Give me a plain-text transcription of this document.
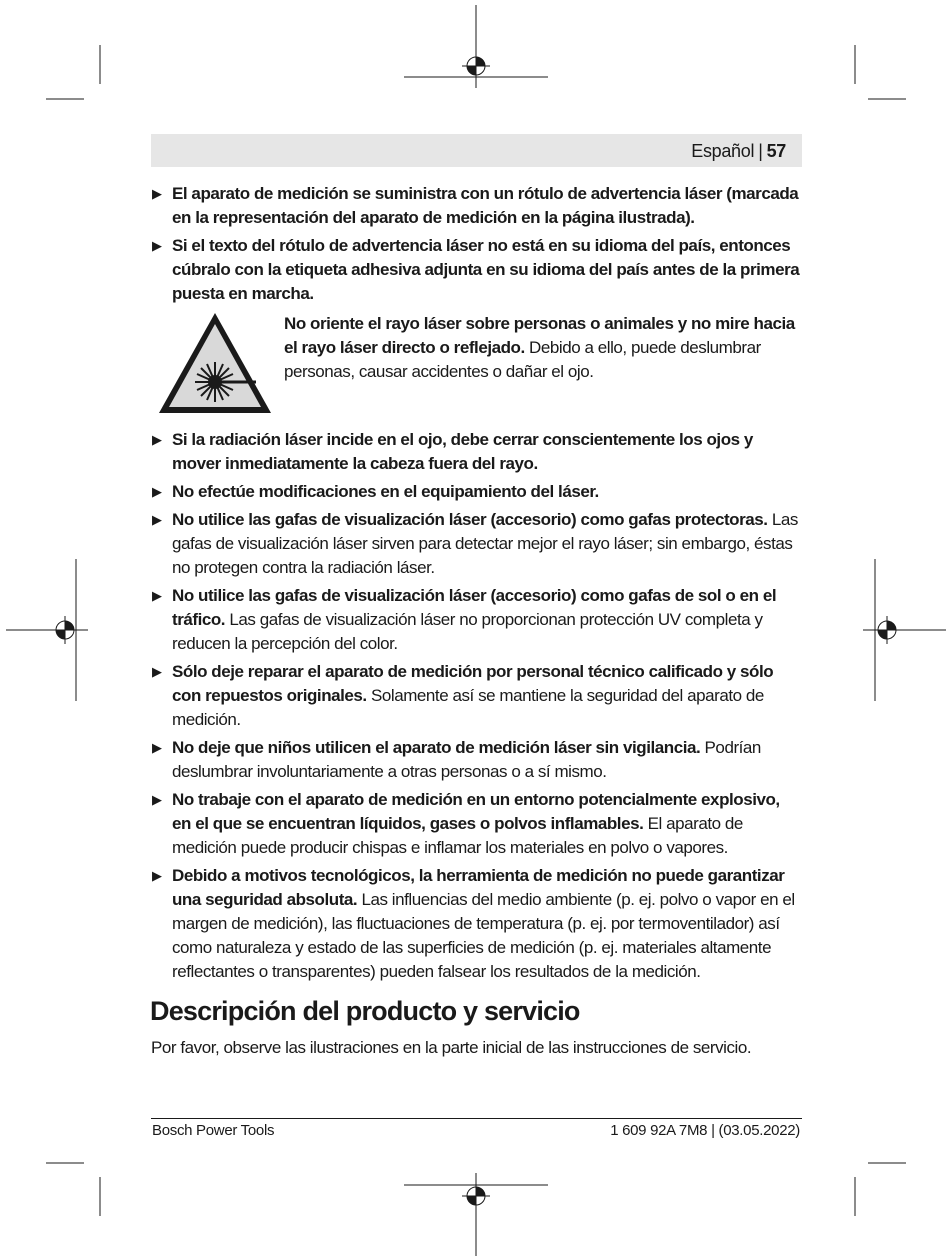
Español | 57
▶ El aparato de medición se suministra con un rótulo de advertencia láser (marcada en la representación del aparato de medición en la página ilustrada).
▶ Si el texto del rótulo de advertencia láser no está en su idioma del país, entonces cúbralo con la etiqueta adhesiva adjunta en su idioma del país antes de la primera puesta en marcha.
No oriente el rayo láser sobre personas o animales y no mire hacia el rayo láser directo o reflejado. Debido a ello, puede deslumbrar personas, causar accidentes o dañar el ojo.
▶ Si la radiación láser incide en el ojo, debe cerrar conscientemente los ojos y mover inmediatamente la cabeza fuera del rayo.
▶ No efectúe modificaciones en el equipamiento del láser.
▶ No utilice las gafas de visualización láser (accesorio) como gafas protectoras. Las gafas de visualización láser sirven para detectar mejor el rayo láser; sin embargo, éstas no protegen contra la radiación láser.
▶ No utilice las gafas de visualización láser (accesorio) como gafas de sol o en el tráfico. Las gafas de visualización láser no proporcionan protección UV completa y reducen la percepción del color.
▶ Sólo deje reparar el aparato de medición por personal técnico calificado y sólo con repuestos originales. Solamente así se mantiene la seguridad del aparato de medición.
▶ No deje que niños utilicen el aparato de medición láser sin vigilancia. Podrían deslumbrar involuntariamente a otras personas o a sí mismo.
▶ No trabaje con el aparato de medición en un entorno potencialmente explosivo, en el que se encuentran líquidos, gases o polvos inflamables. El aparato de medición puede producir chispas e inflamar los materiales en polvo o vapores.
▶ Debido a motivos tecnológicos, la herramienta de medición no puede garantizar una seguridad absoluta. Las influencias del medio ambiente (p. ej. polvo o vapor en el margen de medición), las fluctuaciones de temperatura (p. ej. por termoventilador) así como naturaleza y estado de las superficies de medición (p. ej. materiales altamente reflectantes o transparentes) pueden falsear los resultados de la medición.
Descripción del producto y servicio
Por favor, observe las ilustraciones en la parte inicial de las instrucciones de servicio.
Bosch Power Tools	1 609 92A 7M8 | (03.05.2022)
